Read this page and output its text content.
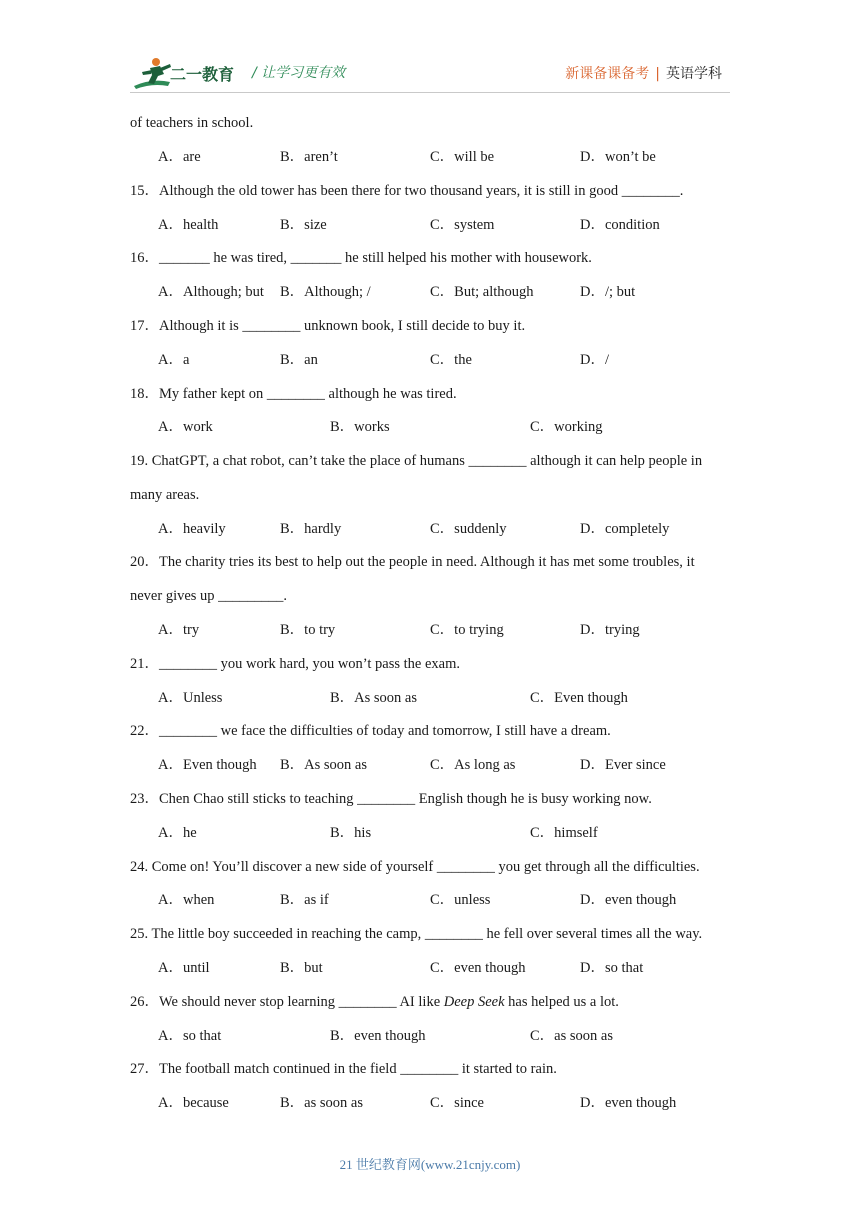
二一教育 / 让学习更有效	新课备课备考 | 英语学科
of teachers in school.
A．are	B．aren’t	C．will be	D．won’t be
15．Although the old tower has been there for two thousand years, it is still in good ________.
A．health	B．size	C．system	D．condition
16．_______ he was tired, _______ he still helped his mother with housework.
A．Although; but B．Although; /	C．But; although	D．/; but
17．Although it is ________ unknown book, I still decide to buy it.
A．a	B．an	C．the	D．/
18．My father kept on ________ although he was tired.
A．work	B．works	C．working
19. ChatGPT, a chat robot, can’t take the place of humans ________ although it can help people in
many areas.
A．heavily	B．hardly	C．suddenly	D．completely
20．The charity tries its best to help out the people in need. Although it has met some troubles, it
never gives up _________.
A．try	B．to try	C．to trying	D．trying
21．________ you work hard, you won’t pass the exam.
A．Unless	B．As soon as	C．Even though
22．________ we face the difficulties of today and tomorrow, I still have a dream.
A．Even though B．As soon as	C．As long as	D．Ever since
23．Chen Chao still sticks to teaching ________ English though he is busy working now.
A．he	B．his	C．himself
24. Come on! You’ll discover a new side of yourself ________ you get through all the difficulties.
A．when	B．as if	C．unless	D．even though
25. The little boy succeeded in reaching the camp, ________ he fell over several times all the way.
A．until	B．but	C．even though	D．so that
26．We should never stop learning ________ AI like Deep Seek has helped us a lot.
A．so that	B．even though	C．as soon as
27．The football match continued in the field ________ it started to rain.
A．because	B．as soon as	C．since	D．even though
21 世纪教育网(www.21cnjy.com)
